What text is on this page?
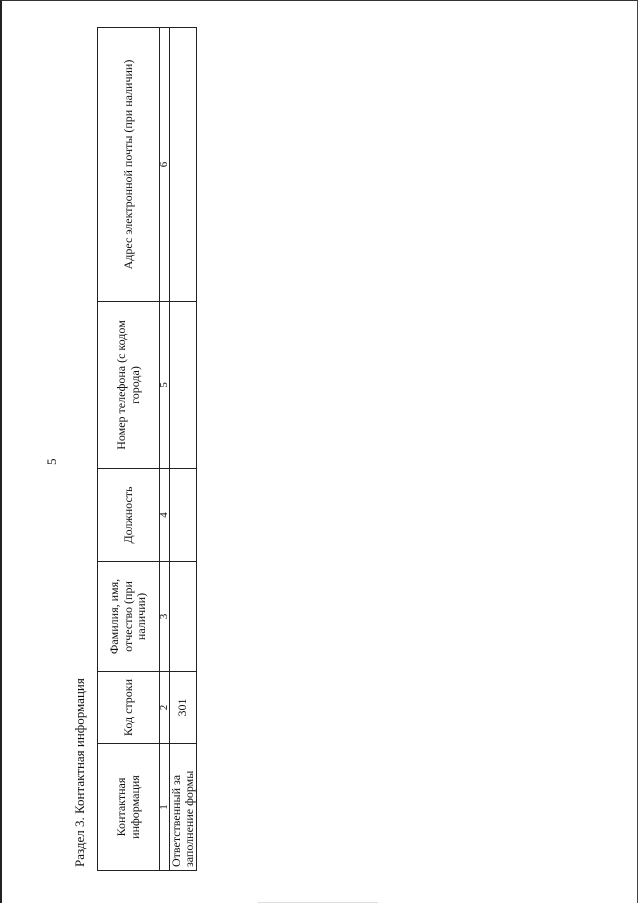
5
Раздел 3. Контактная информация Контактная информация	Код строки	Фамилия, имя, отчество (при наличии)	Должность	Номер телефона (с кодом города)	Адрес электронной почты (при наличии)
1	2	3	4	5	6
Ответственный за заполнение формы	301				
